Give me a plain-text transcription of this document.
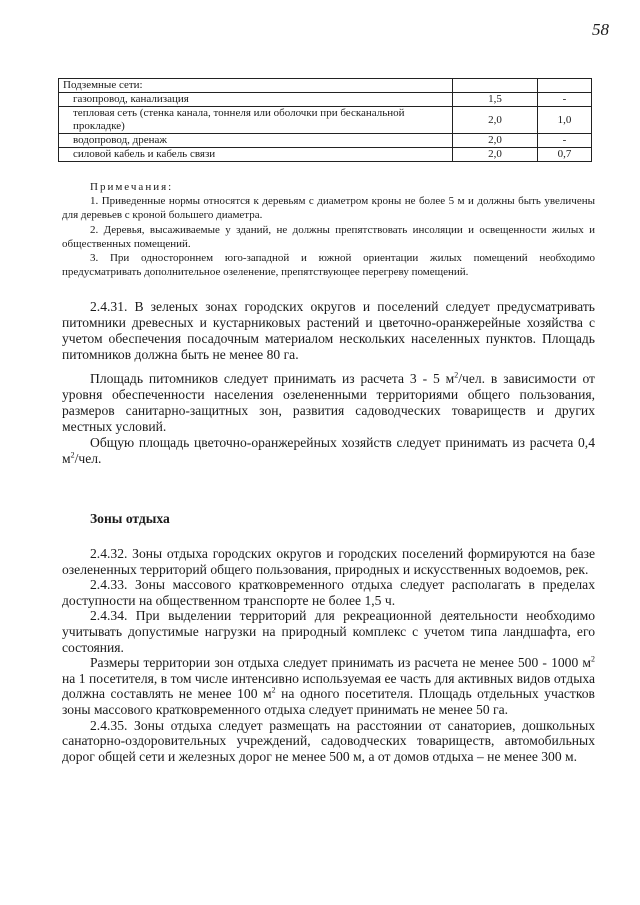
58
Подземные сети:		
газопровод, канализация	1,5	-
тепловая сеть (стенка канала, тоннеля или оболочки при бесканальной прокладке)	2,0	1,0
водопровод, дренаж	2,0	-
силовой кабель и кабель связи	2,0	0,7
Примечания:

1. Приведенные нормы относятся к деревьям с диаметром кроны не более 5 м и должны быть увеличены для деревьев с кроной большего диаметра.

2. Деревья, высаживаемые у зданий, не должны препятствовать инсоляции и освещенности жилых и общественных помещений.

3. При одностороннем юго-западной и южной ориентации жилых помещений необходимо предусматривать дополнительное озеленение, препятствующее перегреву помещений.

2.4.31. В зеленых зонах городских округов и поселений следует предусматривать питомники древесных и кустарниковых растений и цветочно-оранжерейные хозяйства с учетом обеспечения посадочным материалом нескольких населенных пунктов. Площадь питомников должна быть не менее 80 га.

Площадь питомников следует принимать из расчета 3 - 5 $м^2$/чел. в зависимости от уровня обеспеченности населения озелененными территориями общего пользования, размеров санитарно-защитных зон, развития садоводческих товариществ и других местных условий.

Общую площадь цветочно-оранжерейных хозяйств следует принимать из расчета 0,4 $м^2$/чел.

Зоны отдыха

2.4.32. Зоны отдыха городских округов и городских поселений формируются на базе озелененных территорий общего пользования, природных и искусственных водоемов, рек.

2.4.33. Зоны массового кратковременного отдыха следует располагать в пределах доступности на общественном транспорте не более 1,5 ч.

2.4.34. При выделении территорий для рекреационной деятельности необходимо учитывать допустимые нагрузки на природный комплекс с учетом типа ландшафта, его состояния.

Размеры территории зон отдыха следует принимать из расчета не менее 500 - 1000 $м^2$ на 1 посетителя, в том числе интенсивно используемая ее часть для активных видов отдыха должна составлять не менее 100 $м^2$ на одного посетителя. Площадь отдельных участков зоны массового кратковременного отдыха следует принимать не менее 50 га.

2.4.35. Зоны отдыха следует размещать на расстоянии от санаториев, дошкольных санаторно-оздоровительных учреждений, садоводческих товариществ, автомобильных дорог общей сети и железных дорог не менее 500 м, а от домов отдыха – не менее 300 м.
